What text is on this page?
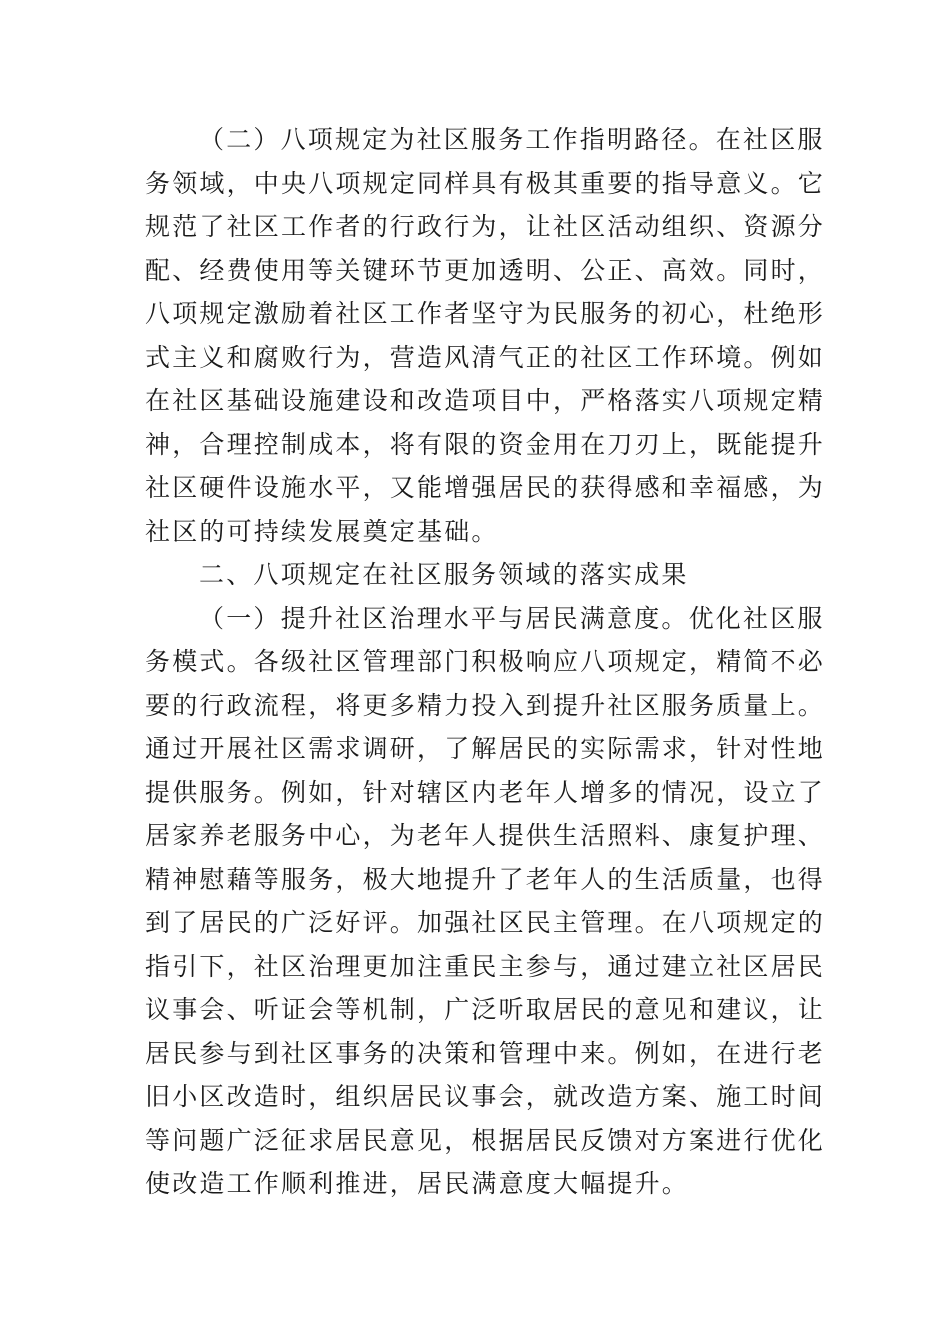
（二）八项规定为社区服务工作指明路径。在社区服
务领域，中央八项规定同样具有极其重要的指导意义。它
规范了社区工作者的行政行为，让社区活动组织、资源分
配、经费使用等关键环节更加透明、公正、高效。同时，
八项规定激励着社区工作者坚守为民服务的初心，杜绝形
式主义和腐败行为，营造风清气正的社区工作环境。例如
在社区基础设施建设和改造项目中，严格落实八项规定精
神，合理控制成本，将有限的资金用在刀刃上，既能提升
社区硬件设施水平，又能增强居民的获得感和幸福感，为
社区的可持续发展奠定基础。
二、八项规定在社区服务领域的落实成果
（一）提升社区治理水平与居民满意度。优化社区服
务模式。各级社区管理部门积极响应八项规定，精简不必
要的行政流程，将更多精力投入到提升社区服务质量上。
通过开展社区需求调研，了解居民的实际需求，针对性地
提供服务。例如，针对辖区内老年人增多的情况，设立了
居家养老服务中心，为老年人提供生活照料、康复护理、
精神慰藉等服务，极大地提升了老年人的生活质量，也得
到了居民的广泛好评。加强社区民主管理。在八项规定的
指引下，社区治理更加注重民主参与，通过建立社区居民
议事会、听证会等机制，广泛听取居民的意见和建议，让
居民参与到社区事务的决策和管理中来。例如，在进行老
旧小区改造时，组织居民议事会，就改造方案、施工时间
等问题广泛征求居民意见，根据居民反馈对方案进行优化
使改造工作顺利推进，居民满意度大幅提升。
